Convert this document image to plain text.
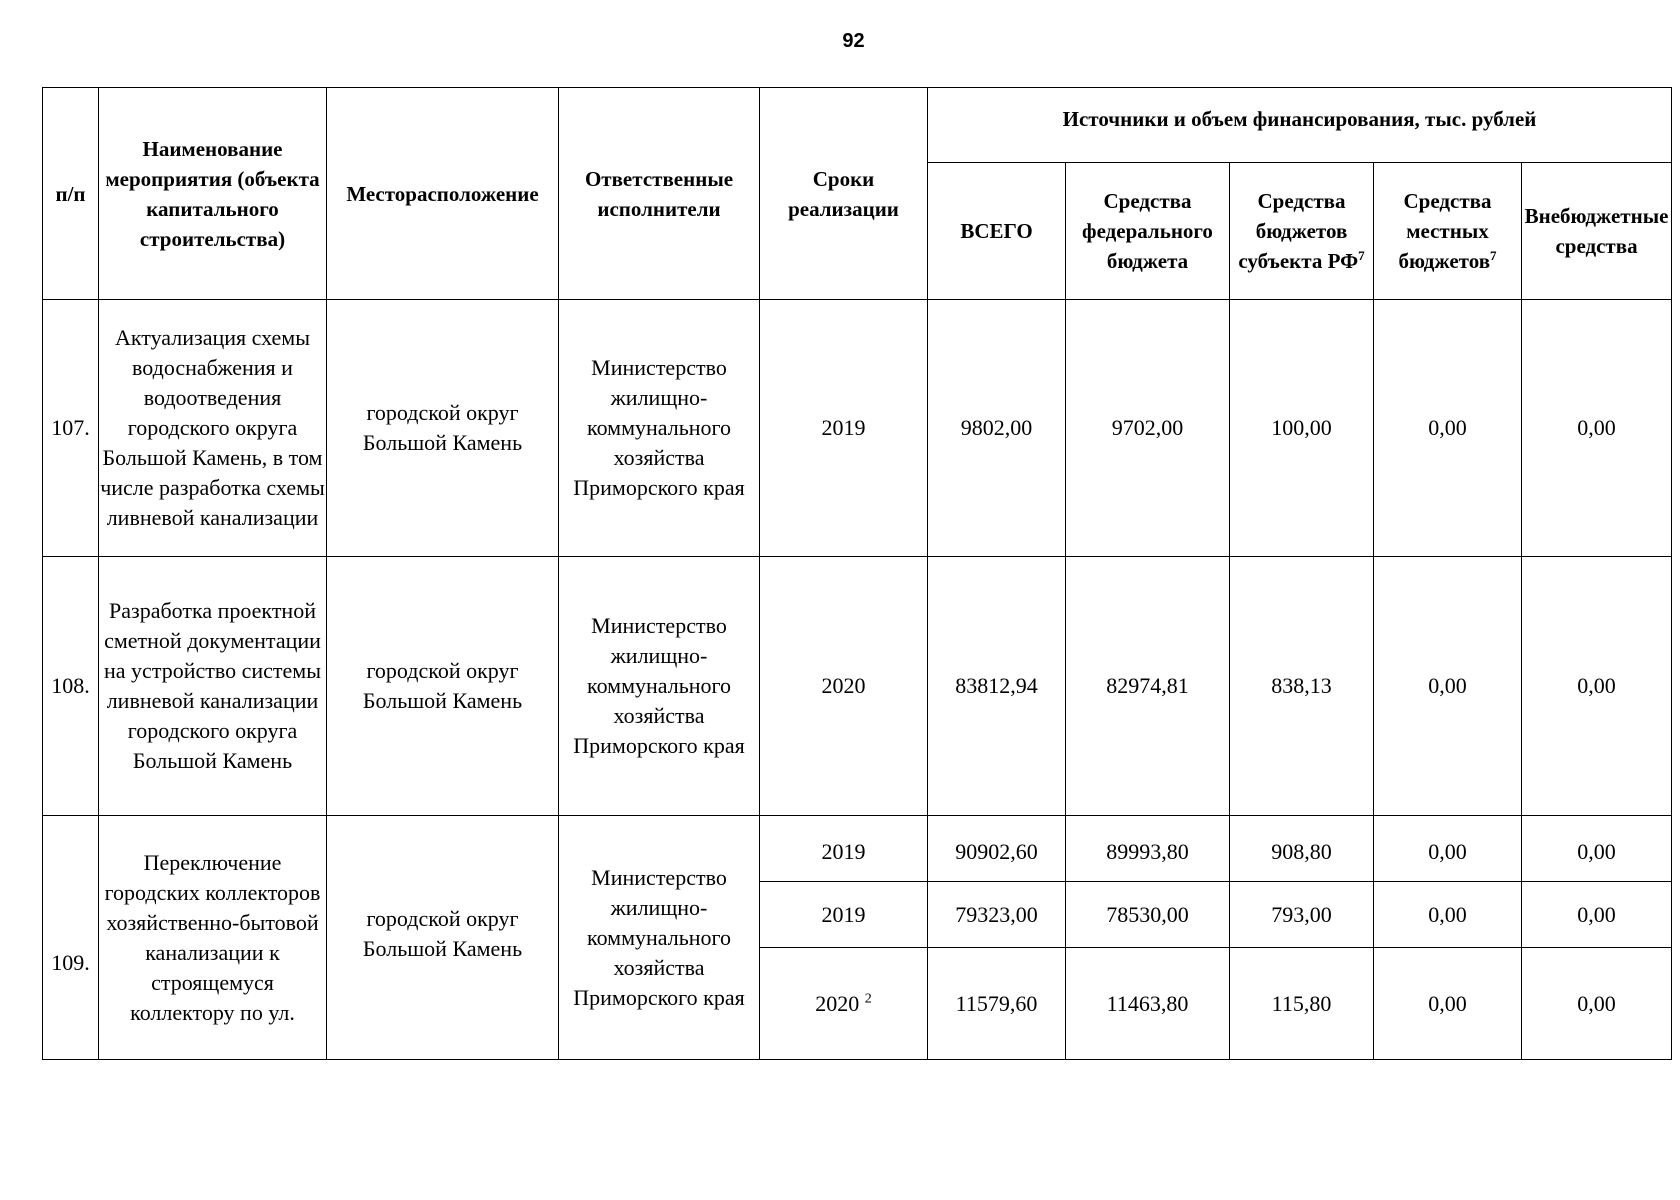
92
п/п	Наименование мероприятия (объекта капитального строительства)	Месторасположение	Ответственные исполнители	Сроки реализации	Источники и объем финансирования, тыс. рублей				
					ВСЕГО	Средства федерального бюджета	Средства бюджетов субъекта $РФ^7$	Средства местных бюджетов$^7$	Внебюджетные средства
107.	Актуализация схемы водоснабжения и водоотведения городского округа Большой Камень, в том числе разработка схемы ливневой канализации	городской округ Большой Камень	Министерство жилищно-коммунального хозяйства Приморского края	2019	9802,00	9702,00	100,00	0,00	0,00
108.	Разработка проектной сметной документации на устройство системы ливневой канализации городского округа Большой Камень	городской округ Большой Камень	Министерство жилищно-коммунального хозяйства Приморского края	2020	83812,94	82974,81	838,13	0,00	0,00
109.	Переключение городских коллекторов хозяйственно-бытовой канализации к строящемуся коллектору по ул.	городской округ Большой Камень	Министерство жилищно-коммунального хозяйства Приморского края	2019	90902,60	89993,80	908,80	0,00	0,00
				2019	79323,00	78530,00	793,00	0,00	0,00
				2020 $^2$	11579,60	11463,80	115,80	0,00	0,00
